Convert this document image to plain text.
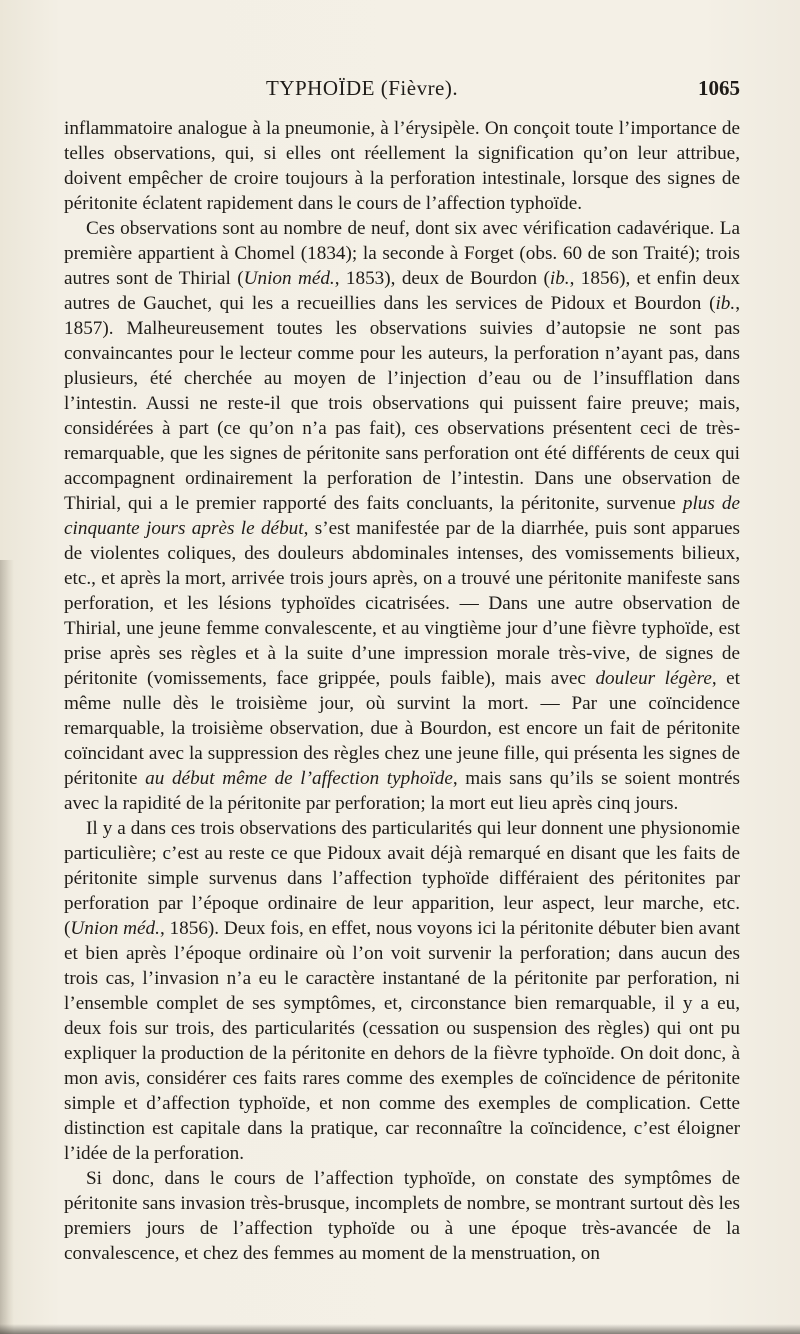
TYPHOÏDE (Fièvre).	1065

inflammatoire analogue à la pneumonie, à l’érysipèle. On conçoit toute l’importance de telles observations, qui, si elles ont réellement la signification qu’on leur attribue, doivent empêcher de croire toujours à la perforation intestinale, lorsque des signes de péritonite éclatent rapidement dans le cours de l’affection typhoïde.

Ces observations sont au nombre de neuf, dont six avec vérification cadavérique. La première appartient à Chomel (1834); la seconde à Forget (obs. 60 de son Traité); trois autres sont de Thirial (Union méd., 1853), deux de Bourdon (ib., 1856), et enfin deux autres de Gauchet, qui les a recueillies dans les services de Pidoux et Bourdon (ib., 1857). Malheureusement toutes les observations suivies d’autopsie ne sont pas convaincantes pour le lecteur comme pour les auteurs, la perforation n’ayant pas, dans plusieurs, été cherchée au moyen de l’injection d’eau ou de l’insufflation dans l’intestin. Aussi ne reste-il que trois observations qui puissent faire preuve; mais, considérées à part (ce qu’on n’a pas fait), ces observations présentent ceci de très-remarquable, que les signes de péritonite sans perforation ont été différents de ceux qui accompagnent ordinairement la perforation de l’intestin. Dans une observation de Thirial, qui a le premier rapporté des faits concluants, la péritonite, survenue plus de cinquante jours après le début, s’est manifestée par de la diarrhée, puis sont apparues de violentes coliques, des douleurs abdominales intenses, des vomissements bilieux, etc., et après la mort, arrivée trois jours après, on a trouvé une péritonite manifeste sans perforation, et les lésions typhoïdes cicatrisées. — Dans une autre observation de Thirial, une jeune femme convalescente, et au vingtième jour d’une fièvre typhoïde, est prise après ses règles et à la suite d’une impression morale très-vive, de signes de péritonite (vomissements, face grippée, pouls faible), mais avec douleur légère, et même nulle dès le troisième jour, où survint la mort. — Par une coïncidence remarquable, la troisième observation, due à Bourdon, est encore un fait de péritonite coïncidant avec la suppression des règles chez une jeune fille, qui présenta les signes de péritonite au début même de l’affection typhoïde, mais sans qu’ils se soient montrés avec la rapidité de la péritonite par perforation; la mort eut lieu après cinq jours.

Il y a dans ces trois observations des particularités qui leur donnent une physionomie particulière; c’est au reste ce que Pidoux avait déjà remarqué en disant que les faits de péritonite simple survenus dans l’affection typhoïde différaient des péritonites par perforation par l’époque ordinaire de leur apparition, leur aspect, leur marche, etc. (Union méd., 1856). Deux fois, en effet, nous voyons ici la péritonite débuter bien avant et bien après l’époque ordinaire où l’on voit survenir la perforation; dans aucun des trois cas, l’invasion n’a eu le caractère instantané de la péritonite par perforation, ni l’ensemble complet de ses symptômes, et, circonstance bien remarquable, il y a eu, deux fois sur trois, des particularités (cessation ou suspension des règles) qui ont pu expliquer la production de la péritonite en dehors de la fièvre typhoïde. On doit donc, à mon avis, considérer ces faits rares comme des exemples de coïncidence de péritonite simple et d’affection typhoïde, et non comme des exemples de complication. Cette distinction est capitale dans la pratique, car reconnaître la coïncidence, c’est éloigner l’idée de la perforation.

Si donc, dans le cours de l’affection typhoïde, on constate des symptômes de péritonite sans invasion très-brusque, incomplets de nombre, se montrant surtout dès les premiers jours de l’affection typhoïde ou à une époque très-avancée de la convalescence, et chez des femmes au moment de la menstruation, on
